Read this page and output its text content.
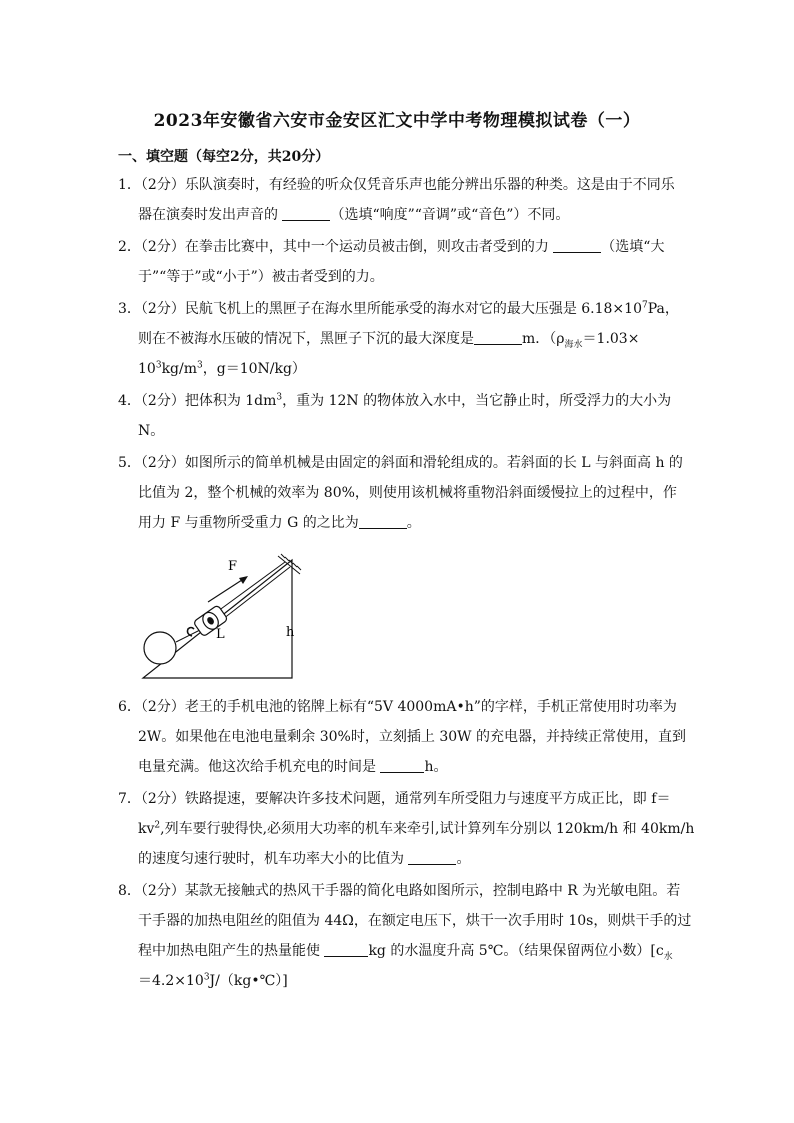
2023年安徽省六安市金安区汇文中学中考物理模拟试卷（一）
一、填空题（每空2分，共20分）
1．（2分）乐队演奏时，有经验的听众仅凭音乐声也能分辨出乐器的种类。这是由于不同乐
器在演奏时发出声音的	（选填“响度”“音调”或“音色”）不同。
2．（2分）在拳击比赛中，其中一个运动员被击倒，则攻击者受到的力	（选填“大
于”“等于”或“小于”）被击者受到的力。
3．（2分）民航飞机上的黑匣子在海水里所能承受的海水对它的最大压强是 $6.18\times 10^7Pa$，
则在不被海水压破的情况下，黑匣子下沉的最大深度是	m．（$\rho_{海水}=1.03\times$
$10^3kg/m^3$，g＝10N/kg）
4．（2分）把体积为 $1dm^3$，重为 12N 的物体放入水中，当它静止时，所受浮力的大小为
N。
5．（2分）如图所示的简单机械是由固定的斜面和滑轮组成的。若斜面的长 L 与斜面高 h 的
比值为 2，整个机械的效率为 80%，则使用该机械将重物沿斜面缓慢拉上的过程中，作
用力 F 与重物所受重力 G 的之比为	。
F
L	h
6．（2分）老王的手机电池的铭牌上标有“5V 4000mA•h”的字样，手机正常使用时功率为
2W。如果他在电池电量剩余 30%时，立刻插上 30W 的充电器，并持续正常使用，直到
电量充满。他这次给手机充电的时间是	h。
7．（2分）铁路提速，要解决许多技术问题，通常列车所受阻力与速度平方成正比，即 f＝
$kv^2$,列车要行驶得快,必须用大功率的机车来牵引,试计算列车分别以 120km/h 和 40km/h
的速度匀速行驶时，机车功率大小的比值为	。
8．（2分）某款无接触式的热风干手器的简化电路如图所示，控制电路中 R 为光敏电阻。若
干手器的加热电阻丝的阻值为 44Ω，在额定电压下，烘干一次手用时 10s，则烘干手的过
程中加热电阻产生的热量能使	kg 的水温度升高 5℃。（结果保留两位小数）[$c_水$
$=4.2\times 10^3J/(kg•℃)$]
